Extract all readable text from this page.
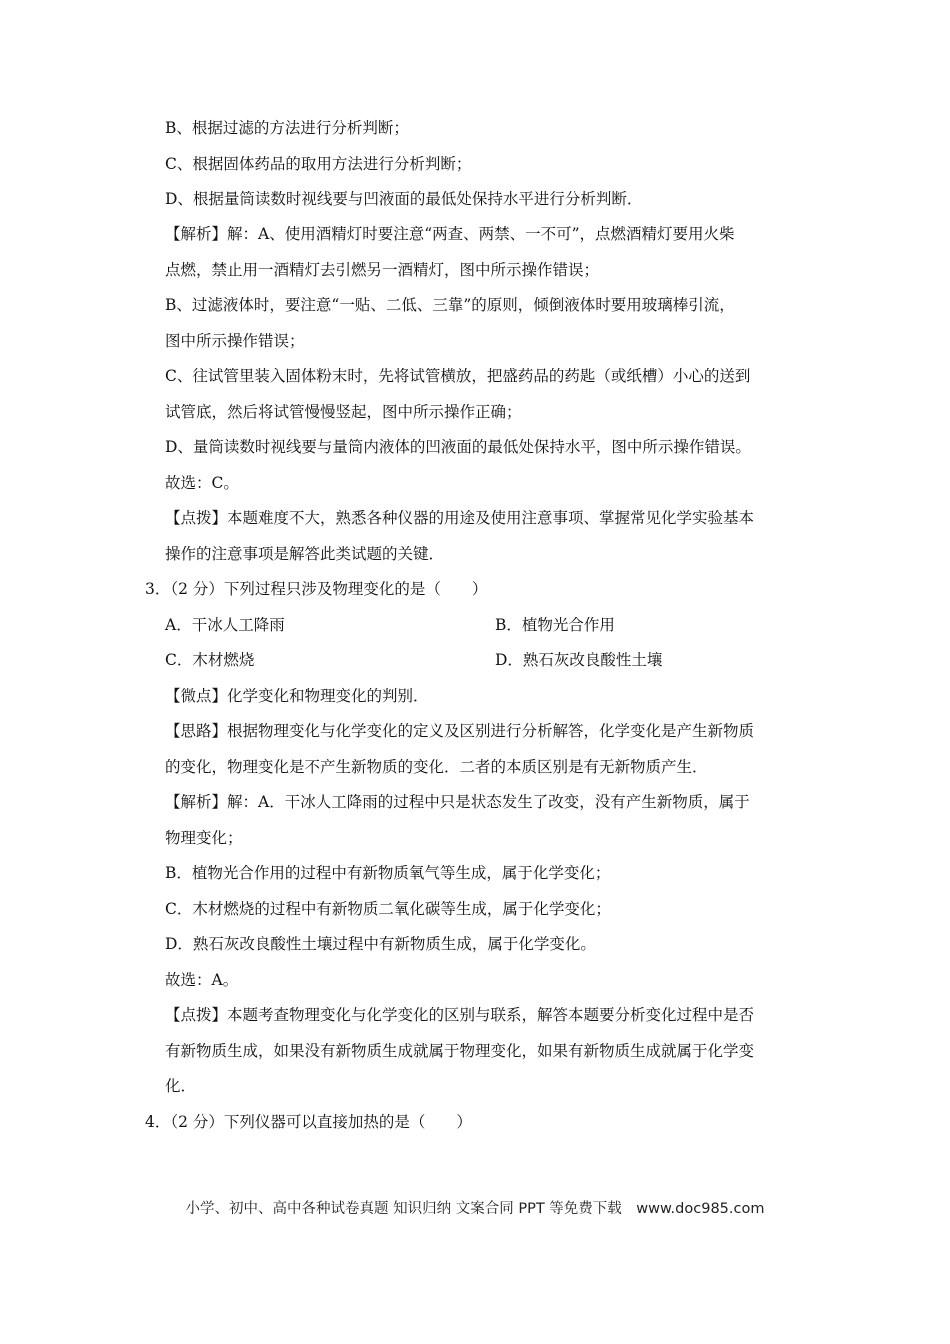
B、根据过滤的方法进行分析判断；
C、根据固体药品的取用方法进行分析判断；
D、根据量筒读数时视线要与凹液面的最低处保持水平进行分析判断．
【解析】解：A、使用酒精灯时要注意“两查、两禁、一不可”，点燃酒精灯要用火柴
点燃，禁止用一酒精灯去引燃另一酒精灯，图中所示操作错误；
B、过滤液体时，要注意“一贴、二低、三靠”的原则，倾倒液体时要用玻璃棒引流，
图中所示操作错误；
C、往试管里装入固体粉末时，先将试管横放，把盛药品的药匙（或纸槽）小心的送到
试管底，然后将试管慢慢竖起，图中所示操作正确；
D、量筒读数时视线要与量筒内液体的凹液面的最低处保持水平，图中所示操作错误。
故选：C。
【点拨】本题难度不大，熟悉各种仪器的用途及使用注意事项、掌握常见化学实验基本
操作的注意事项是解答此类试题的关键．
3．（2 分）下列过程只涉及物理变化的是（　　）
A．干冰人工降雨	B．植物光合作用
C．木材燃烧	D．熟石灰改良酸性土壤
【微点】化学变化和物理变化的判别．
【思路】根据物理变化与化学变化的定义及区别进行分析解答，化学变化是产生新物质
的变化，物理变化是不产生新物质的变化．二者的本质区别是有无新物质产生．
【解析】解：A．干冰人工降雨的过程中只是状态发生了改变，没有产生新物质，属于
物理变化；
B．植物光合作用的过程中有新物质氧气等生成，属于化学变化；
C．木材燃烧的过程中有新物质二氧化碳等生成，属于化学变化；
D．熟石灰改良酸性土壤过程中有新物质生成，属于化学变化。
故选：A。
【点拨】本题考查物理变化与化学变化的区别与联系，解答本题要分析变化过程中是否
有新物质生成，如果没有新物质生成就属于物理变化，如果有新物质生成就属于化学变
化．
4．（2 分）下列仪器可以直接加热的是（　　）
小学、初中、高中各种试卷真题 知识归纳 文案合同 PPT 等免费下载　www.doc985.com
